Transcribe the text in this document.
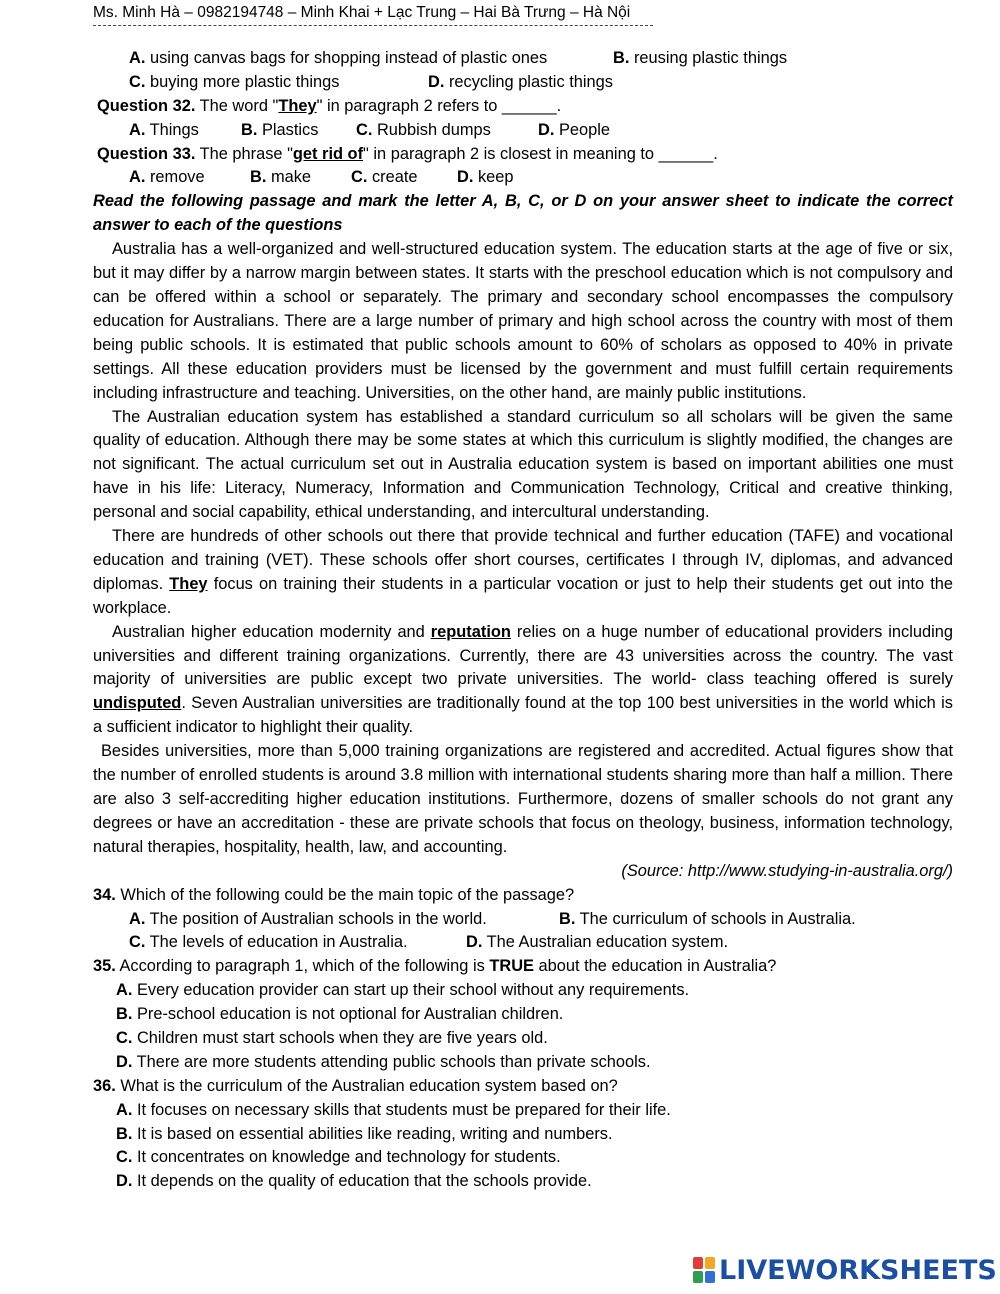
Ms. Minh Hà – 0982194748 – Minh Khai + Lạc Trung – Hai Bà Trưng – Hà Nội
A. using canvas bags for shopping instead of plastic ones	B. reusing plastic things
C. buying more plastic things	D. recycling plastic things
Question 32. The word "They" in paragraph 2 refers to ______.
A. Things	B. Plastics C. Rubbish dumps	D. People
Question 33. The phrase "get rid of" in paragraph 2 is closest in meaning to ______.
A. remove	B. make C. create D. keep
Read the following passage and mark the letter A, B, C, or D on your answer sheet to indicate the correct answer to each of the questions
Australia has a well-organized and well-structured education system. The education starts at the age of five or six, but it may differ by a narrow margin between states. It starts with the preschool education which is not compulsory and can be offered within a school or separately. The primary and secondary school encompasses the compulsory education for Australians. There are a large number of primary and high school across the country with most of them being public schools. It is estimated that public schools amount to 60% of scholars as opposed to 40% in private settings. All these education providers must be licensed by the government and must fulfill certain requirements including infrastructure and teaching. Universities, on the other hand, are mainly public institutions.
The Australian education system has established a standard curriculum so all scholars will be given the same quality of education. Although there may be some states at which this curriculum is slightly modified, the changes are not significant. The actual curriculum set out in Australia education system is based on important abilities one must have in his life: Literacy, Numeracy, Information and Communication Technology, Critical and creative thinking, personal and social capability, ethical understanding, and intercultural understanding.
There are hundreds of other schools out there that provide technical and further education (TAFE) and vocational education and training (VET). These schools offer short courses, certificates I through IV, diplomas, and advanced diplomas. They focus on training their students in a particular vocation or just to help their students get out into the workplace.
Australian higher education modernity and reputation relies on a huge number of educational providers including universities and different training organizations. Currently, there are 43 universities across the country. The vast majority of universities are public except two private universities. The world- class teaching offered is surely undisputed. Seven Australian universities are traditionally found at the top 100 best universities in the world which is a sufficient indicator to highlight their quality.
Besides universities, more than 5,000 training organizations are registered and accredited. Actual figures show that the number of enrolled students is around 3.8 million with international students sharing more than half a million. There are also 3 self-accrediting higher education institutions. Furthermore, dozens of smaller schools do not grant any degrees or have an accreditation - these are private schools that focus on theology, business, information technology, natural therapies, hospitality, health, law, and accounting.
(Source: http://www.studying-in-australia.org/)
34. Which of the following could be the main topic of the passage?
A. The position of Australian schools in the world.	B. The curriculum of schools in Australia.
C. The levels of education in Australia.	D. The Australian education system.
35. According to paragraph 1, which of the following is TRUE about the education in Australia?
A. Every education provider can start up their school without any requirements.
B. Pre-school education is not optional for Australian children.
C. Children must start schools when they are five years old.
D. There are more students attending public schools than private schools.
36. What is the curriculum of the Australian education system based on?
A. It focuses on necessary skills that students must be prepared for their life.
B. It is based on essential abilities like reading, writing and numbers.
C. It concentrates on knowledge and technology for students.
D. It depends on the quality of education that the schools provide.
LIVEWORKSHEETS
